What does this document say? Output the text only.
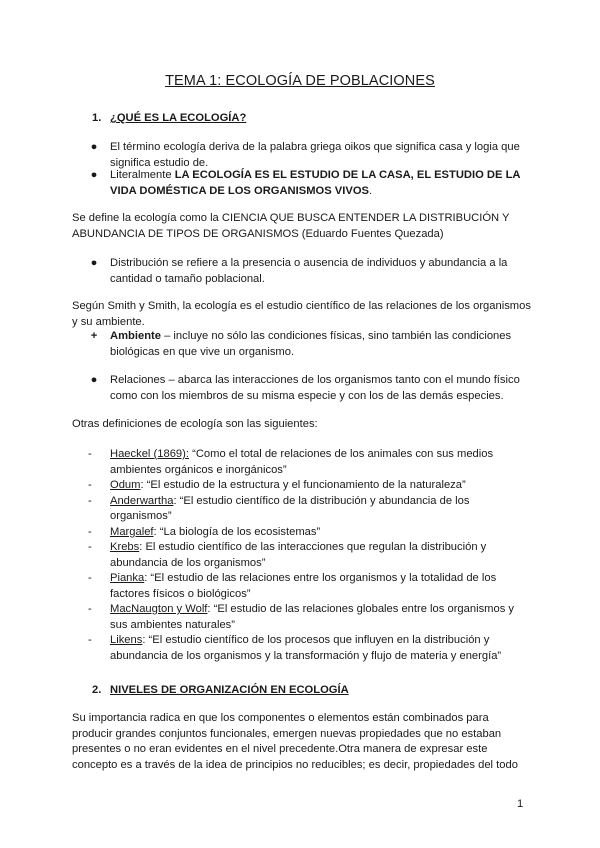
TEMA 1: ECOLOGÍA DE POBLACIONES
1. ¿QUÉ ES LA ECOLOGÍA?
● El término ecología deriva de la palabra griega oikos que significa casa y logia que
significa estudio de.
● Literalmente LA ECOLOGÍA ES EL ESTUDIO DE LA CASA, EL ESTUDIO DE LA
VIDA DOMÉSTICA DE LOS ORGANISMOS VIVOS.
Se define la ecología como la CIENCIA QUE BUSCA ENTENDER LA DISTRIBUCIÓN Y
ABUNDANCIA DE TIPOS DE ORGANISMOS (Eduardo Fuentes Quezada)
● Distribución se refiere a la presencia o ausencia de individuos y abundancia a la
cantidad o tamaño poblacional.
Según Smith y Smith, la ecología es el estudio científico de las relaciones de los organismos
y su ambiente.
+ Ambiente – incluye no sólo las condiciones físicas, sino también las condiciones
biológicas en que vive un organismo.
● Relaciones – abarca las interacciones de los organismos tanto con el mundo físico
como con los miembros de su misma especie y con los de las demás especies.
Otras definiciones de ecología son las siguientes:
-	Haeckel (1869): “Como el total de relaciones de los animales con sus medios
ambientes orgánicos e inorgánicos”
-	Odum: “El estudio de la estructura y el funcionamiento de la naturaleza”
-	Anderwartha: “El estudio científico de la distribución y abundancia de los
organismos”
-	Margalef: “La biología de los ecosistemas”
-	Krebs: El estudio científico de las interacciones que regulan la distribución y
abundancia de los organismos”
-	Pianka: “El estudio de las relaciones entre los organismos y la totalidad de los
factores físicos o biológicos”
-	MacNaugton y Wolf: “El estudio de las relaciones globales entre los organismos y
sus ambientes naturales”
-	Likens: “El estudio científico de los procesos que influyen en la distribución y
abundancia de los organismos y la transformación y flujo de materia y energía”
2. NIVELES DE ORGANIZACIÓN EN ECOLOGÍA
Su importancia radica en que los componentes o elementos están combinados para
producir grandes conjuntos funcionales, emergen nuevas propiedades que no estaban
presentes o no eran evidentes en el nivel precedente.Otra manera de expresar este
concepto es a través de la idea de principios no reducibles; es decir, propiedades del todo
1
